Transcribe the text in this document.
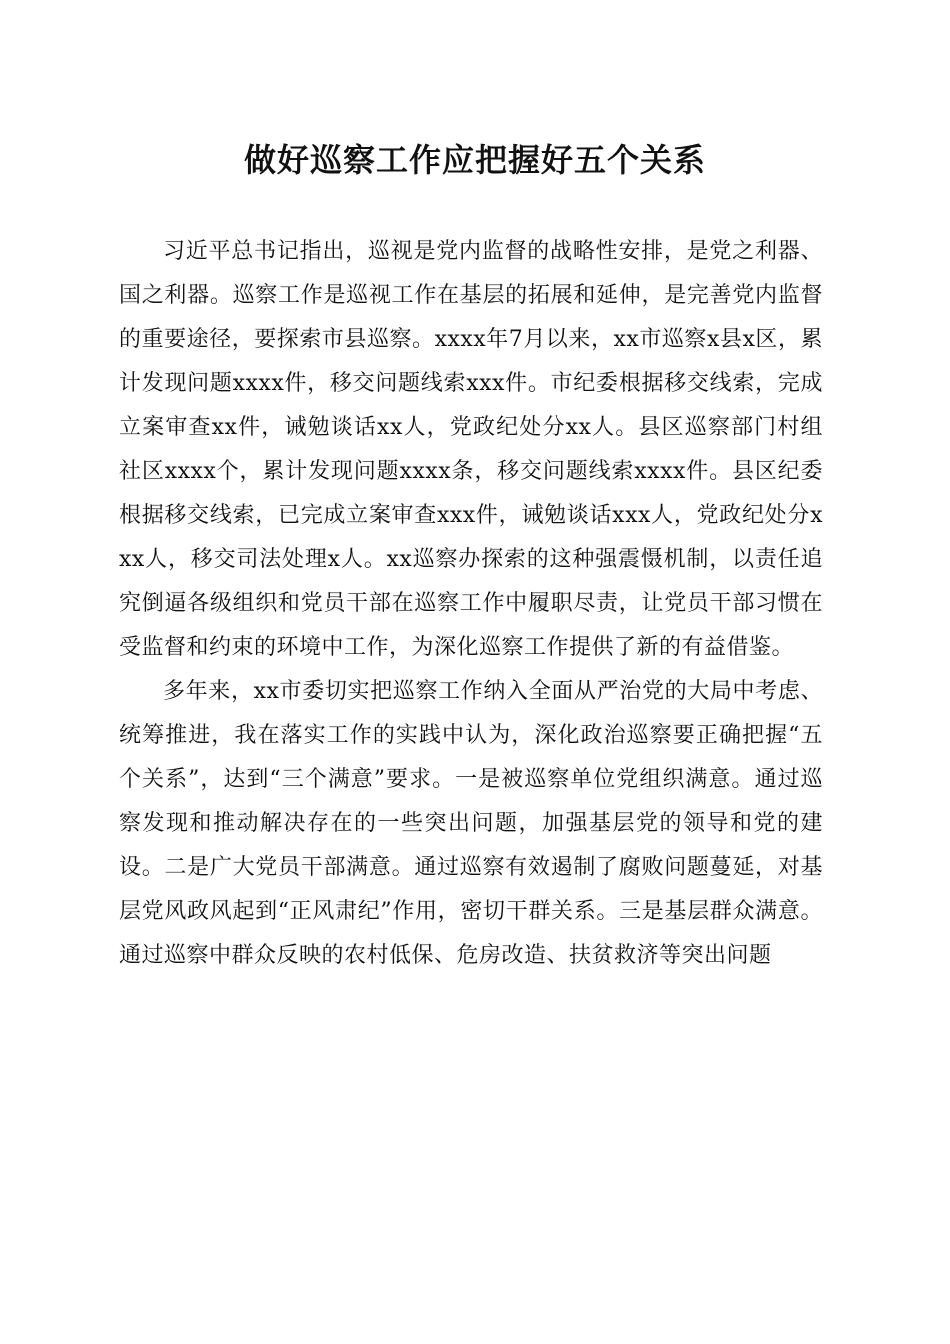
做好巡察工作应把握好五个关系

习近平总书记指出，巡视是党内监督的战略性安排，是党之利器、国之利器。巡察工作是巡视工作在基层的拓展和延伸，是完善党内监督的重要途径，要探索市县巡察。xxxx年7月以来，xx市巡察x县x区，累计发现问题xxxx件，移交问题线索xxx件。市纪委根据移交线索，完成立案审查xx件，诫勉谈话xx人，党政纪处分xx人。县区巡察部门村组社区xxxx个，累计发现问题xxxx条，移交问题线索xxxx件。县区纪委根据移交线索，已完成立案审查xxx件，诫勉谈话xxx人，党政纪处分xxx人，移交司法处理x人。xx巡察办探索的这种强震慑机制，以责任追究倒逼各级组织和党员干部在巡察工作中履职尽责，让党员干部习惯在受监督和约束的环境中工作，为深化巡察工作提供了新的有益借鉴。

多年来，xx市委切实把巡察工作纳入全面从严治党的大局中考虑、统筹推进，我在落实工作的实践中认为，深化政治巡察要正确把握“五个关系”，达到“三个满意”要求。一是被巡察单位党组织满意。通过巡察发现和推动解决存在的一些突出问题，加强基层党的领导和党的建设。二是广大党员干部满意。通过巡察有效遏制了腐败问题蔓延，对基层党风政风起到“正风肃纪”作用，密切干群关系。三是基层群众满意。通过巡察中群众反映的农村低保、危房改造、扶贫救济等突出问题
